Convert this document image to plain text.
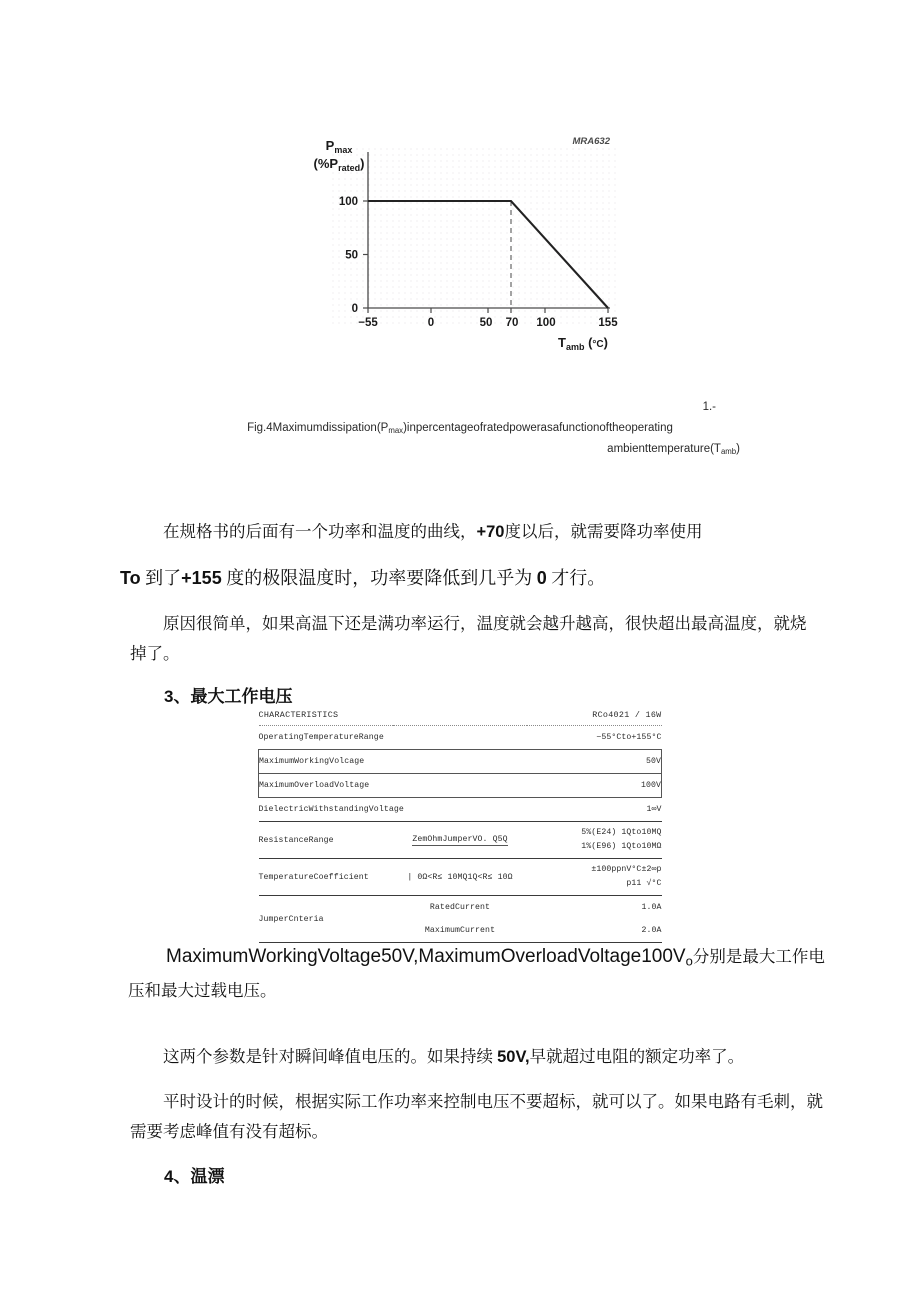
100
50
0
−55	0	50 70 100	155
$P_{max}$
$(\%P_{rated})$
$T_{amb}$ (°C)
MRA632
1.-
$Fig.4Maximumdissipation(P_{max})inpercentageofratedpowerasafunctionoftheoperating$
$ambienttemperature(T_{amb})$

在规格书的后面有一个功率和温度的曲线，+70度以后，就需要降功率使用

To 到了+155 度的极限温度时，功率要降低到几乎为 0 才行。

原因很简单，如果高温下还是满功率运行，温度就会越升越高，很快超出最高温度，就烧掉了。

3、最大工作电压

CHARACTERISTICS		RCo4021 / 16W
OperatingTemperatureRange		−55°Cto+155°C
MaximumWorkingVolcage		50V
MaximumOverloadVoltage		100V
DielectricWithstandingVoltage		1∞V
ResistanceRange	ZemOhmJumperVO. Q5Q	5%(E24) 1Qto10MQ
1%(E96) 1Qto10MΩ

TemperatureCoefficient	| 0Ω<R≤ 10MQ1Q<R≤ 10Ω	±100ppnV°C±2∞p
p11 √°C

JumperCnteria	RatedCurrent	1.0A
	MaximumCurrent	2.0A

$MaximumWorkingVoltage50V,MaximumOverloadVoltage100V_o$分别是最大工作电压和最大过载电压。

这两个参数是针对瞬间峰值电压的。如果持续 50V,早就超过电阻的额定功率了。

平时设计的时候，根据实际工作功率来控制电压不要超标，就可以了。如果电路有毛刺，就需要考虑峰值有没有超标。

4、温漂
